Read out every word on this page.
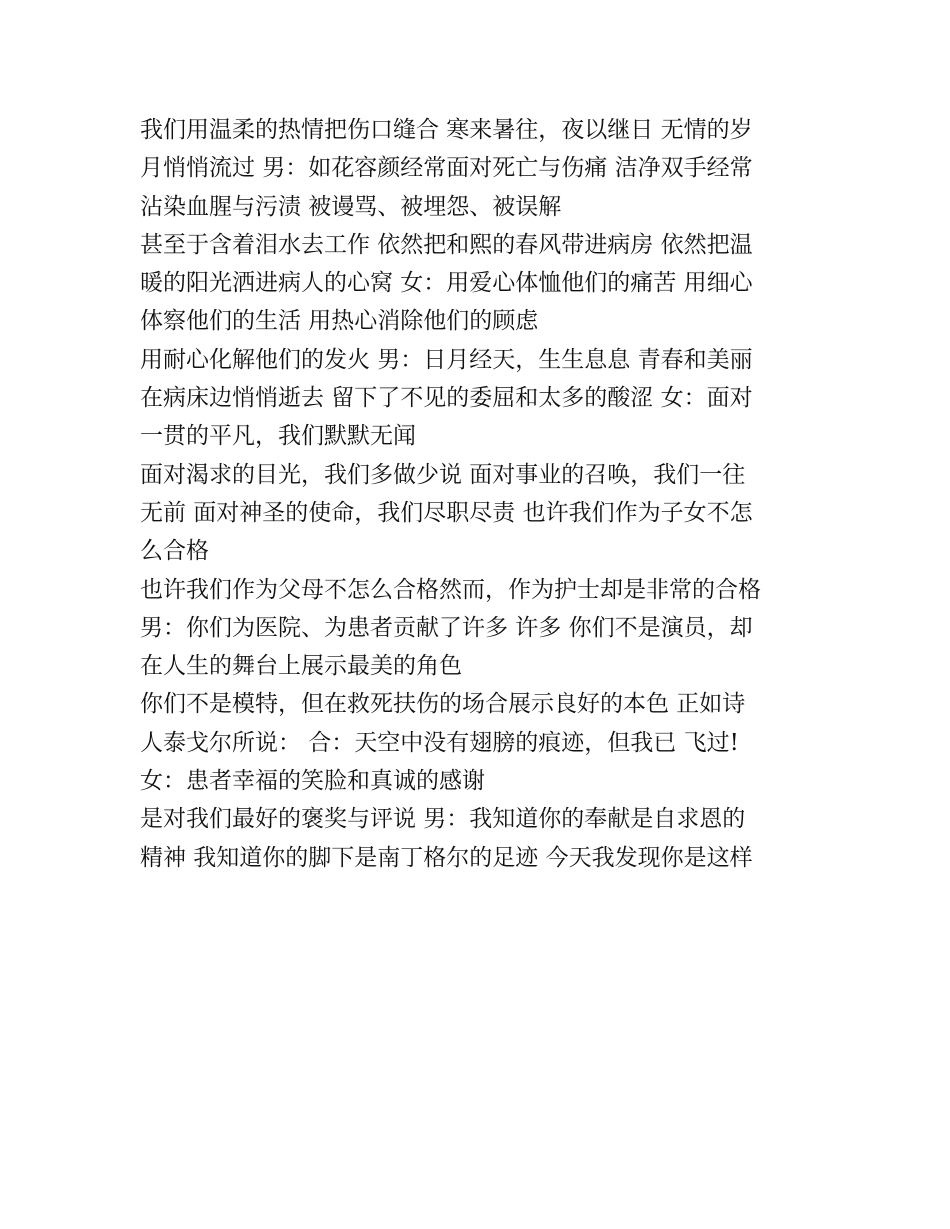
我们用温柔的热情把伤口缝合 寒来暑往，夜以继日 无情的岁
月悄悄流过 男：如花容颜经常面对死亡与伤痛 洁净双手经常
沾染血腥与污渍 被谩骂、被埋怨、被误解
甚至于含着泪水去工作 依然把和熙的春风带进病房 依然把温
暖的阳光洒进病人的心窝 女：用爱心体恤他们的痛苦 用细心
体察他们的生活 用热心消除他们的顾虑
用耐心化解他们的发火 男：日月经天，生生息息 青春和美丽
在病床边悄悄逝去 留下了不见的委屈和太多的酸涩 女：面对
一贯的平凡，我们默默无闻
面对渴求的目光，我们多做少说 面对事业的召唤，我们一往
无前 面对神圣的使命，我们尽职尽责 也许我们作为子女不怎
么合格
也许我们作为父母不怎么合格然而，作为护士却是非常的合格
男：你们为医院、为患者贡献了许多 许多 你们不是演员，却
在人生的舞台上展示最美的角色
你们不是模特，但在救死扶伤的场合展示良好的本色 正如诗
人泰戈尔所说： 合：天空中没有翅膀的痕迹，但我已 飞过!
女：患者幸福的笑脸和真诚的感谢
是对我们最好的褒奖与评说 男：我知道你的奉献是自求恩的
精神 我知道你的脚下是南丁格尔的足迹 今天我发现你是这样
